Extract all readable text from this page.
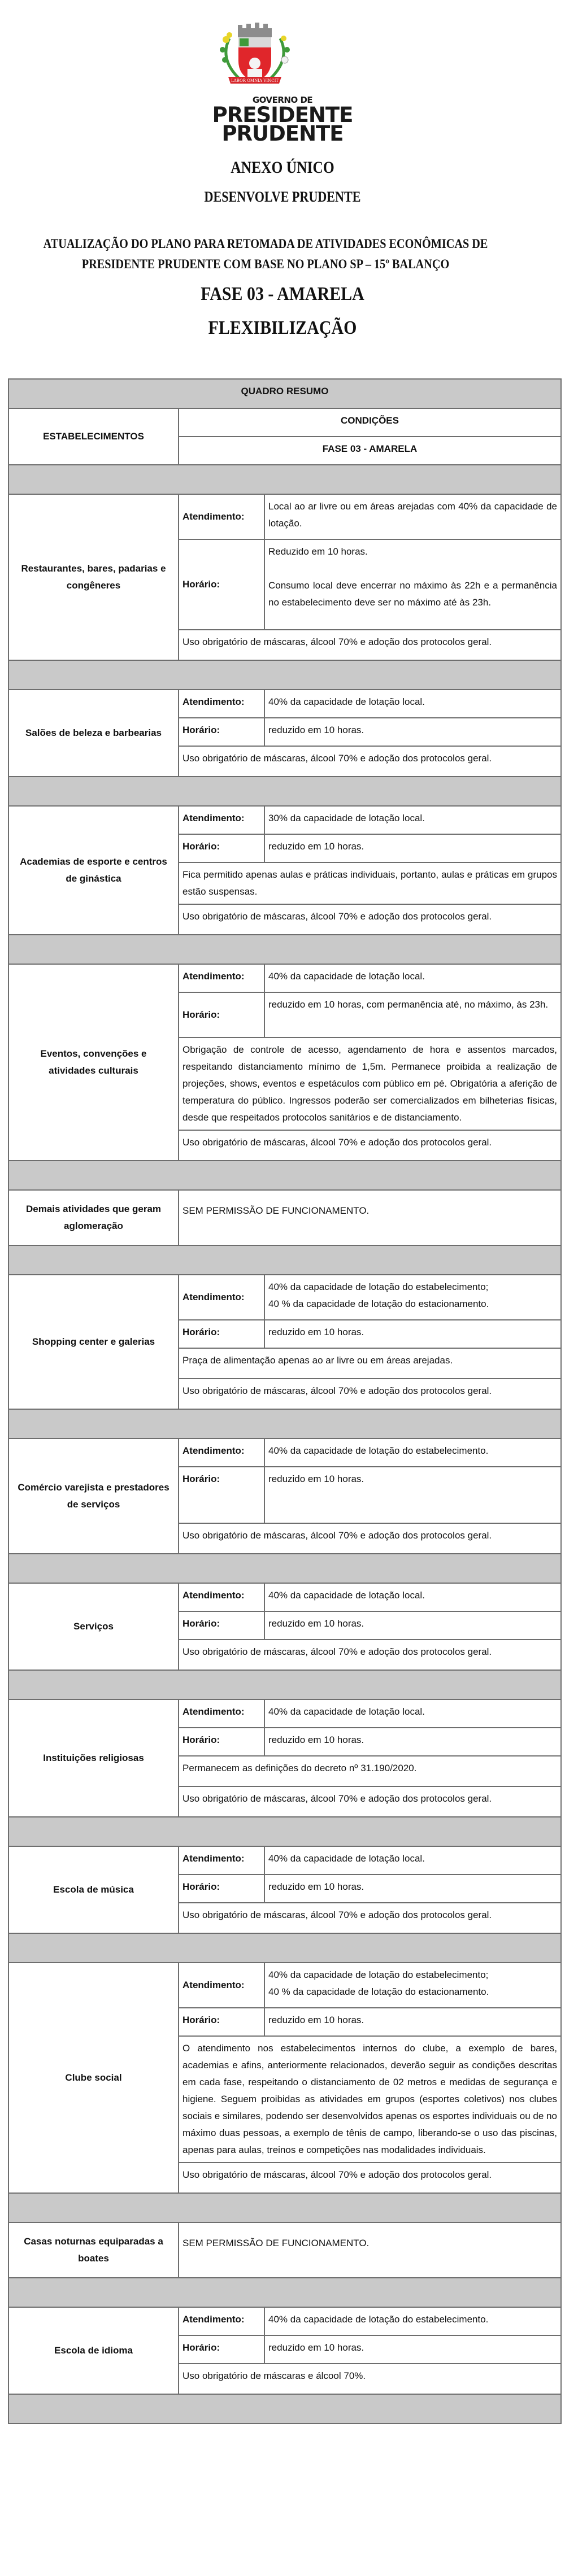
LABOR OMNIA VINCIT
GOVERNO DE
PRESIDENTE
PRUDENTE
ANEXO ÚNICO
DESENVOLVE PRUDENTE
ATUALIZAÇÃO DO PLANO PARA RETOMADA DE ATIVIDADES ECONÔMICAS DE PRESIDENTE PRUDENTE COM BASE NO PLANO SP – 15º BALANÇO
FASE 03 - AMARELA
FLEXIBILIZAÇÃO
QUADRO RESUMO		
ESTABELECIMENTOS	CONDIÇÕES	
	FASE 03 - AMARELA	

Restaurantes, bares, padarias e congêneres	Atendimento:	Local ao ar livre ou em áreas arejadas com 40% da capacidade de lotação.
	Horário:	Reduzido em 10 horas.
Consumo local deve encerrar no máximo às 22h e a permanência no estabelecimento deve ser no máximo até às 23h.

	Uso obrigatório de máscaras, álcool 70% e adoção dos protocolos geral.	

Salões de beleza e barbearias	Atendimento:	40% da capacidade de lotação local.
	Horário:	reduzido em 10 horas.

	Uso obrigatório de máscaras, álcool 70% e adoção dos protocolos geral.	

Academias de esporte e centros de ginástica	Atendimento:	30% da capacidade de lotação local.
	Horário:	reduzido em 10 horas.

	Fica permitido apenas aulas e práticas individuais, portanto, aulas e práticas em grupos estão suspensas.	
	Uso obrigatório de máscaras, álcool 70% e adoção dos protocolos geral.	

Eventos, convenções e atividades culturais	Atendimento:	40% da capacidade de lotação local.
	Horário:	reduzido em 10 horas, com permanência até, no máximo, às 23h.

	Obrigação de controle de acesso, agendamento de hora e assentos marcados, respeitando distanciamento mínimo de 1,5m. Permanece proibida a realização de projeções, shows, eventos e espetáculos com público em pé. Obrigatória a aferição de temperatura do público. Ingressos poderão ser comercializados em bilheterias físicas, desde que respeitados protocolos sanitários e de distanciamento.	
	Uso obrigatório de máscaras, álcool 70% e adoção dos protocolos geral.	

Demais atividades que geram aglomeração	SEM PERMISSÃO DE FUNCIONAMENTO.	

Shopping center e galerias	Atendimento:	40% da capacidade de lotação do estabelecimento;
40 % da capacidade de lotação do estacionamento.

	Horário:	reduzido em 10 horas.

	Praça de alimentação apenas ao ar livre ou em áreas arejadas.	
	Uso obrigatório de máscaras, álcool 70% e adoção dos protocolos geral.	

Comércio varejista e prestadores de serviços	Atendimento:	40% da capacidade de lotação do estabelecimento.
	Horário:	reduzido em 10 horas.

	Uso obrigatório de máscaras, álcool 70% e adoção dos protocolos geral.	

Serviços	Atendimento:	40% da capacidade de lotação local.
	Horário:	reduzido em 10 horas.

	Uso obrigatório de máscaras, álcool 70% e adoção dos protocolos geral.	

Instituições religiosas	Atendimento:	40% da capacidade de lotação local.
	Horário:	reduzido em 10 horas.

	Permanecem as definições do decreto nº 31.190/2020.	
	Uso obrigatório de máscaras, álcool 70% e adoção dos protocolos geral.	

Escola de música	Atendimento:	40% da capacidade de lotação local.
	Horário:	reduzido em 10 horas.

	Uso obrigatório de máscaras, álcool 70% e adoção dos protocolos geral.	

Clube social	Atendimento:	40% da capacidade de lotação do estabelecimento;
40 % da capacidade de lotação do estacionamento.

	Horário:	reduzido em 10 horas.

	O atendimento nos estabelecimentos internos do clube, a exemplo de bares, academias e afins, anteriormente relacionados, deverão seguir as condições descritas em cada fase, respeitando o distanciamento de 02 metros e medidas de segurança e higiene. Seguem proibidas as atividades em grupos (esportes coletivos) nos clubes sociais e similares, podendo ser desenvolvidos apenas os esportes individuais ou de no máximo duas pessoas, a exemplo de tênis de campo, liberando-se o uso das piscinas, apenas para aulas, treinos e competições nas modalidades individuais.	
	Uso obrigatório de máscaras, álcool 70% e adoção dos protocolos geral.	

Casas noturnas equiparadas a boates	SEM PERMISSÃO DE FUNCIONAMENTO.	

Escola de idioma	Atendimento:	40% da capacidade de lotação do estabelecimento.
	Horário:	reduzido em 10 horas.

	Uso obrigatório de máscaras e álcool 70%.	
